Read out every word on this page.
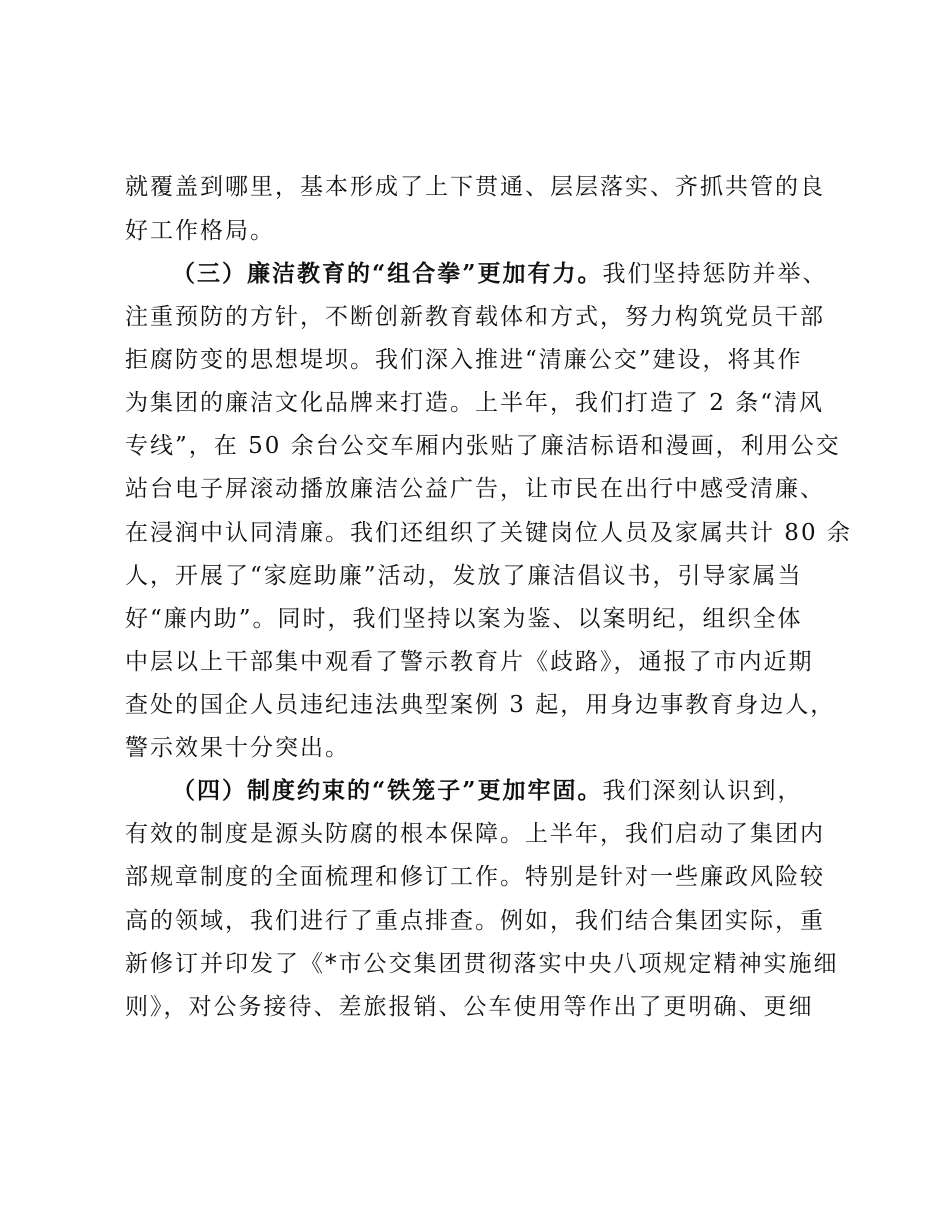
就覆盖到哪里，基本形成了上下贯通、层层落实、齐抓共管的良
好工作格局。
（三）廉洁教育的“组合拳”更加有力。我们坚持惩防并举、
注重预防的方针，不断创新教育载体和方式，努力构筑党员干部
拒腐防变的思想堤坝。我们深入推进“清廉公交”建设，将其作
为集团的廉洁文化品牌来打造。上半年，我们打造了 2 条“清风
专线”，在 50 余台公交车厢内张贴了廉洁标语和漫画，利用公交
站台电子屏滚动播放廉洁公益广告，让市民在出行中感受清廉、
在浸润中认同清廉。我们还组织了关键岗位人员及家属共计 80 余
人，开展了“家庭助廉”活动，发放了廉洁倡议书，引导家属当
好“廉内助”。同时，我们坚持以案为鉴、以案明纪，组织全体
中层以上干部集中观看了警示教育片《歧路》，通报了市内近期
查处的国企人员违纪违法典型案例 3 起，用身边事教育身边人，
警示效果十分突出。
（四）制度约束的“铁笼子”更加牢固。我们深刻认识到，
有效的制度是源头防腐的根本保障。上半年，我们启动了集团内
部规章制度的全面梳理和修订工作。特别是针对一些廉政风险较
高的领域，我们进行了重点排查。例如，我们结合集团实际，重
新修订并印发了《*市公交集团贯彻落实中央八项规定精神实施细
则》，对公务接待、差旅报销、公车使用等作出了更明确、更细
